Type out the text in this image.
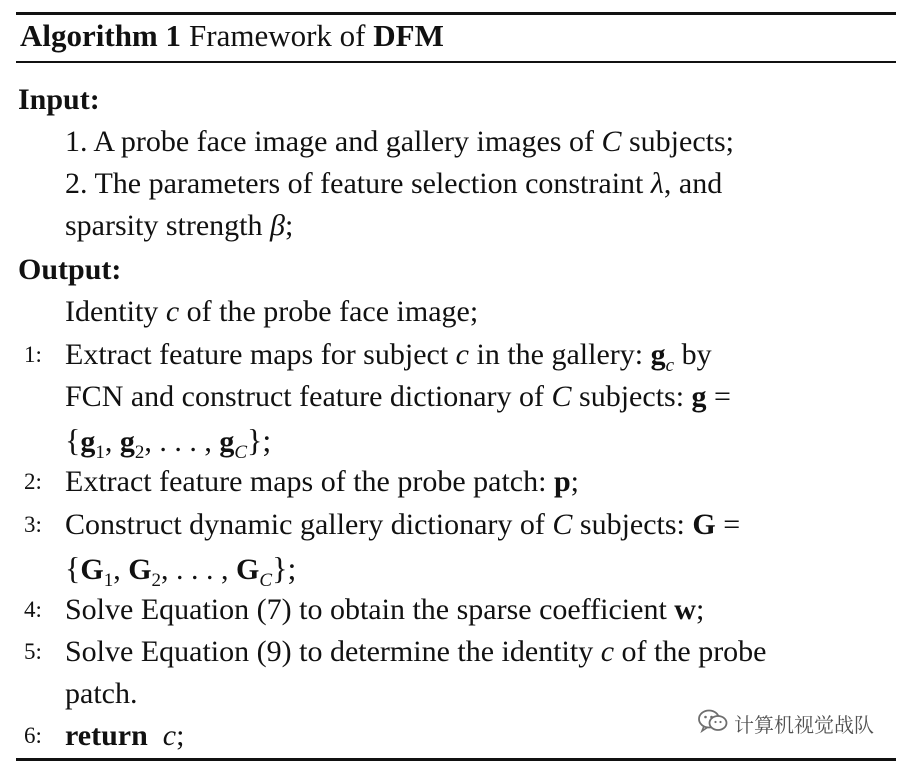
Algorithm 1 Framework of DFM
Input:
1. A probe face image and gallery images of C subjects;
2. The parameters of feature selection constraint λ, and
sparsity strength β;
Output:
Identity c of the probe face image;
1: Extract feature maps for subject c in the gallery: $g_c$ by
FCN and construct feature dictionary of C subjects: g =
{$g_1$, $g_2$, . . . , $g_C$};
2: Extract feature maps of the probe patch: p;
3: Construct dynamic gallery dictionary of C subjects: G =
{$G_1$, $G_2$, . . . , $G_C$};
4: Solve Equation (7) to obtain the sparse coefficient w;
5: Solve Equation (9) to determine the identity c of the probe
patch.
6: return c;	计算机视觉战队
